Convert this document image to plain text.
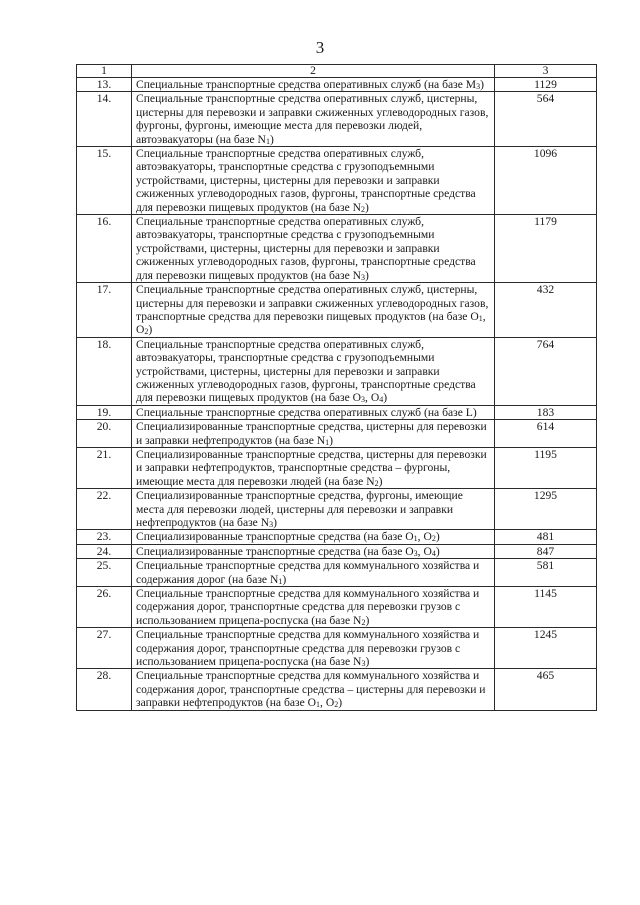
3
1	2	3
13.	Специальные транспортные средства оперативных служб (на базе $M_3$)	1129
14.	Специальные транспортные средства оперативных служб, цистерны, цистерны для перевозки и заправки сжиженных углеводородных газов, фургоны, фургоны, имеющие места для перевозки людей, автоэвакуаторы (на базе $N_1$)	564
15.	Специальные транспортные средства оперативных служб, автоэвакуаторы, транспортные средства с грузоподъемными устройствами, цистерны, цистерны для перевозки и заправки сжиженных углеводородных газов, фургоны, транспортные средства для перевозки пищевых продуктов (на базе $N_2$)	1096
16.	Специальные транспортные средства оперативных служб, автоэвакуаторы, транспортные средства с грузоподъемными устройствами, цистерны, цистерны для перевозки и заправки сжиженных углеводородных газов, фургоны, транспортные средства для перевозки пищевых продуктов (на базе $N_3$)	1179
17.	Специальные транспортные средства оперативных служб, цистерны, цистерны для перевозки и заправки сжиженных углеводородных газов, транспортные средства для перевозки пищевых продуктов (на базе $O_1$, $O_2$)	432
18.	Специальные транспортные средства оперативных служб, автоэвакуаторы, транспортные средства с грузоподъемными устройствами, цистерны, цистерны для перевозки и заправки сжиженных углеводородных газов, фургоны, транспортные средства для перевозки пищевых продуктов (на базе $O_3$, $O_4$)	764
19.	Специальные транспортные средства оперативных служб (на базе L)	183
20.	Специализированные транспортные средства, цистерны для перевозки и заправки нефтепродуктов (на базе $N_1$)	614
21.	Специализированные транспортные средства, цистерны для перевозки и заправки нефтепродуктов, транспортные средства – фургоны, имеющие места для перевозки людей (на базе $N_2$)	1195
22.	Специализированные транспортные средства, фургоны, имеющие места для перевозки людей, цистерны для перевозки и заправки нефтепродуктов (на базе $N_3$)	1295
23.	Специализированные транспортные средства (на базе $O_1$, $O_2$)	481
24.	Специализированные транспортные средства (на базе $O_3$, $O_4$)	847
25.	Специальные транспортные средства для коммунального хозяйства и содержания дорог (на базе $N_1$)	581
26.	Специальные транспортные средства для коммунального хозяйства и содержания дорог, транспортные средства для перевозки грузов с использованием прицепа-роспуска (на базе $N_2$)	1145
27.	Специальные транспортные средства для коммунального хозяйства и содержания дорог, транспортные средства для перевозки грузов с использованием прицепа-роспуска (на базе $N_3$)	1245
28.	Специальные транспортные средства для коммунального хозяйства и содержания дорог, транспортные средства – цистерны для перевозки и заправки нефтепродуктов (на базе $O_1$, $O_2$)	465
